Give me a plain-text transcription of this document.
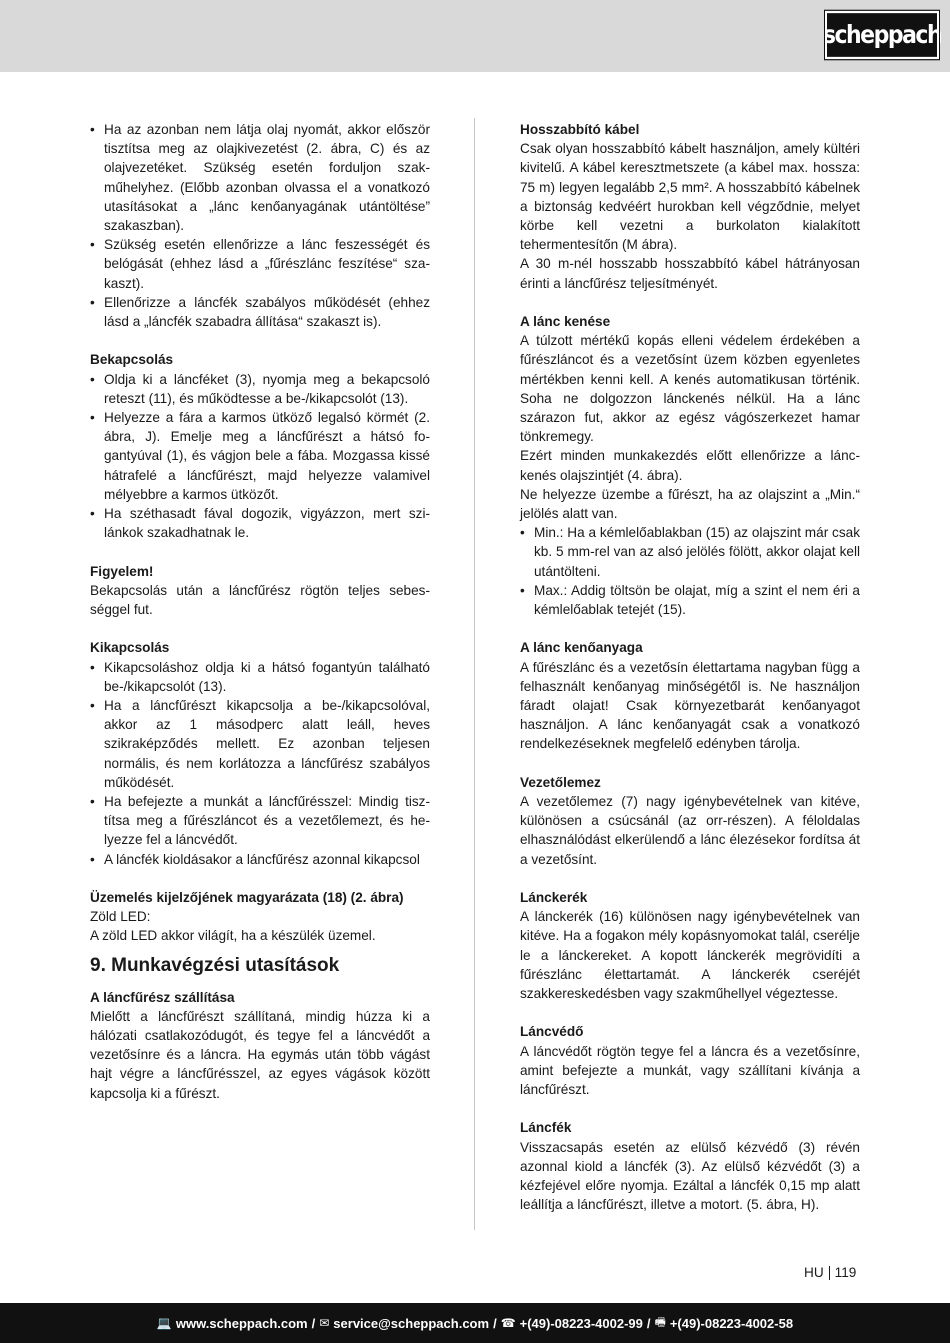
scheppach
• Ha az azonban nem látja olaj nyomát, akkor először tisztítsa meg az olajkivezetést (2. ábra, C) és az olajvezetéket. Szükség esetén forduljon szakműhelyhez. (Előbb azonban olvassa el a vonatkozó utasításokat a „lánc kenőanyagának utántöltése” szakaszban).
• Szükség esetén ellenőrizze a lánc feszességét és belógását (ehhez lásd a „fűrészlánc feszítése“ szakaszt).
• Ellenőrizze a láncfék szabályos működését (ehhez lásd a „láncfék szabadra állítása“ szakaszt is).

Bekapcsolás

• Oldja ki a láncféket (3), nyomja meg a bekapcsoló reteszt (11), és működtesse a be-/kikapcsolót (13).
• Helyezze a fára a karmos ütköző legalsó körmét (2. ábra, J). Emelje meg a láncfűrészt a hátsó fogantyúval (1), és vágjon bele a fába. Mozgassa kissé hátrafelé a láncfűrészt, majd helyezze valamivel mélyebbre a karmos ütközőt.
• Ha széthasadt fával dogozik, vigyázzon, mert szilánkok szakadhatnak le.

Figyelem!

Bekapcsolás után a láncfűrész rögtön teljes sebességgel fut.

Kikapcsolás

• Kikapcsoláshoz oldja ki a hátsó fogantyún található be-/kikapcsolót (13).
• Ha a láncfűrészt kikapcsolja a be-/kikapcsolóval, akkor az 1 másodperc alatt leáll, heves szikraképződés mellett. Ez azonban teljesen normális, és nem korlátozza a láncfűrész szabályos működését.
• Ha befejezte a munkát a láncfűrésszel: Mindig tisztítsa meg a fűrészláncot és a vezetőlemezt, és helyezze fel a láncvédőt.
• A láncfék kioldásakor a láncfűrész azonnal kikapcsol

Üzemelés kijelzőjének magyarázata (18) (2. ábra)

Zöld LED:

A zöld LED akkor világít, ha a készülék üzemel.

9. Munkavégzési utasítások

A láncfűrész szállítása

Mielőtt a láncfűrészt szállítaná, mindig húzza ki a hálózati csatlakozódugót, és tegye fel a láncvédőt a vezetősínre és a láncra. Ha egymás után több vágást hajt végre a láncfűrésszel, az egyes vágások között kapcsolja ki a fűrészt.

Hosszabbító kábel

Csak olyan hosszabbító kábelt használjon, amely kültéri kivitelű. A kábel keresztmetszete (a kábel max. hossza: 75 m) legyen legalább 2,5 mm². A hosszabbító kábelnek a biztonság kedvéért hurokban kell végződnie, melyet körbe kell vezetni a burkolaton kialakított tehermentesítőn (M ábra).

A 30 m-nél hosszabb hosszabbító kábel hátrányosan érinti a láncfűrész teljesítményét.

A lánc kenése

A túlzott mértékű kopás elleni védelem érdekében a fűrészláncot és a vezetősínt üzem közben egyenletes mértékben kenni kell. A kenés automatikusan történik. Soha ne dolgozzon lánckenés nélkül. Ha a lánc szárazon fut, akkor az egész vágószerkezet hamar tönkremegy.

Ezért minden munkakezdés előtt ellenőrizze a lánckenés olajszintjét (4. ábra).

Ne helyezze üzembe a fűrészt, ha az olajszint a „Min.“ jelölés alatt van.

• Min.: Ha a kémlelőablakban (15) az olajszint már csak kb. 5 mm-rel van az alsó jelölés fölött, akkor olajat kell utántölteni.
• Max.: Addig töltsön be olajat, míg a szint el nem éri a kémlelőablak tetejét (15).

A lánc kenőanyaga

A fűrészlánc és a vezetősín élettartama nagyban függ a felhasznált kenőanyag minőségétől is. Ne használjon fáradt olajat! Csak környezetbarát kenőanyagot használjon. A lánc kenőanyagát csak a vonatkozó rendelkezéseknek megfelelő edényben tárolja.

Vezetőlemez

A vezetőlemez (7) nagy igénybevételnek van kitéve, különösen a csúcsánál (az orr-részen). A féloldalas elhasználódást elkerülendő a lánc élezésekor fordítsa át a vezetősínt.

Lánckerék

A lánckerék (16) különösen nagy igénybevételnek van kitéve. Ha a fogakon mély kopásnyomokat talál, cserélje le a lánckereket. A kopott lánckerék megrövidíti a fűrészlánc élettartamát. A lánckerék cseréjét szakkereskedésben vagy szakműhellyel végeztesse.

Láncvédő

A láncvédőt rögtön tegye fel a láncra és a vezetősínre, amint befejezte a munkát, vagy szállítani kívánja a láncfűrészt.

Láncfék

Visszacsapás esetén az elülső kézvédő (3) révén azonnal kiold a láncfék (3). Az elülső kézvédőt (3) a kézfejével előre nyomja. Ezáltal a láncfék 0,15 mp alatt leállítja a láncfűrészt, illetve a motort. (5. ábra, H).

HU 119
💻 www.scheppach.com / ✉ service@scheppach.com / ☎ +(49)-08223-4002-99 / 🖷 +(49)-08223-4002-58
